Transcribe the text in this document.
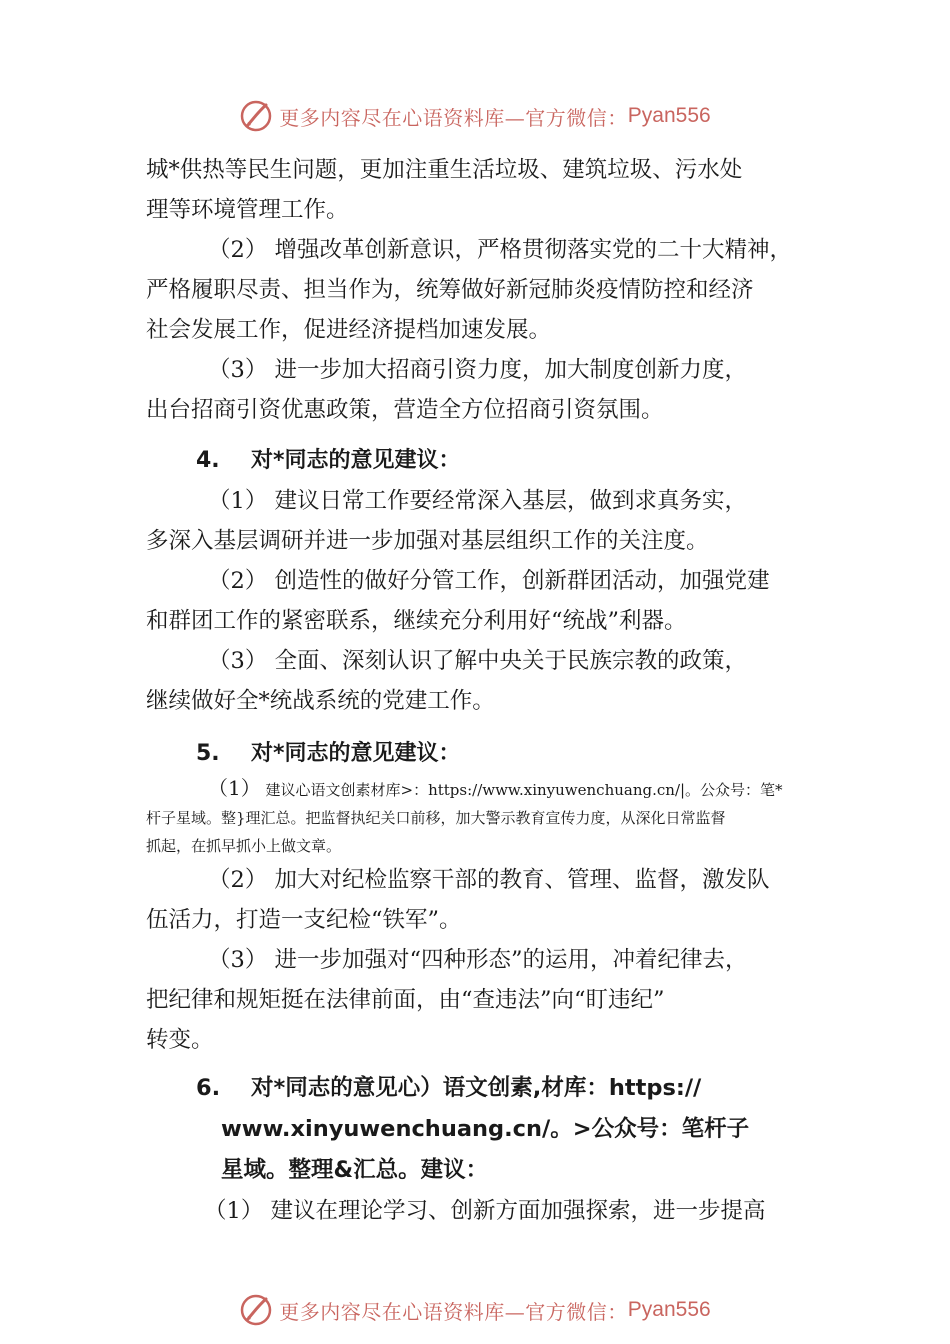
更多内容尽在心语资料库—官方微信： Pyan556

城*供热等民生问题，更加注重生活垃圾、建筑垃圾、污水处

理等环境管理工作。

（2） 增强改革创新意识，严格贯彻落实党的二十大精神，

严格履职尽责、担当作为，统筹做好新冠肺炎疫情防控和经济

社会发展工作，促进经济提档加速发展。

（3） 进一步加大招商引资力度，加大制度创新力度，

出台招商引资优惠政策，营造全方位招商引资氛围。

4. 对*同志的意见建议：

（1） 建议日常工作要经常深入基层，做到求真务实，

多深入基层调研并进一步加强对基层组织工作的关注度。

（2） 创造性的做好分管工作，创新群团活动，加强党建

和群团工作的紧密联系，继续充分利用好“统战”利器。

（3） 全面、深刻认识了解中央关于民族宗教的政策，

继续做好全*统战系统的党建工作。

5. 对*同志的意见建议：

（1） 建议心语文创素材库>：https://www.xinyuwenchuang.cn/|。公众号：笔*

杆子星域。整}理汇总。把监督执纪关口前移，加大警示教育宣传力度，从深化日常监督

抓起，在抓早抓小上做文章。

（2） 加大对纪检监察干部的教育、管理、监督，激发队

伍活力，打造一支纪检“铁军”。

（3） 进一步加强对“四种形态”的运用，冲着纪律去，

把纪律和规矩挺在法律前面，由“查违法”向“盯违纪”

转变。

6. 对*同志的意见心）语文创素,材库：https://
www.xinyuwenchuang.cn/。>公众号：笔杆子
星域。整理&汇总。建议：

（1） 建议在理论学习、创新方面加强探索，进一步提高

更多内容尽在心语资料库—官方微信： Pyan556
